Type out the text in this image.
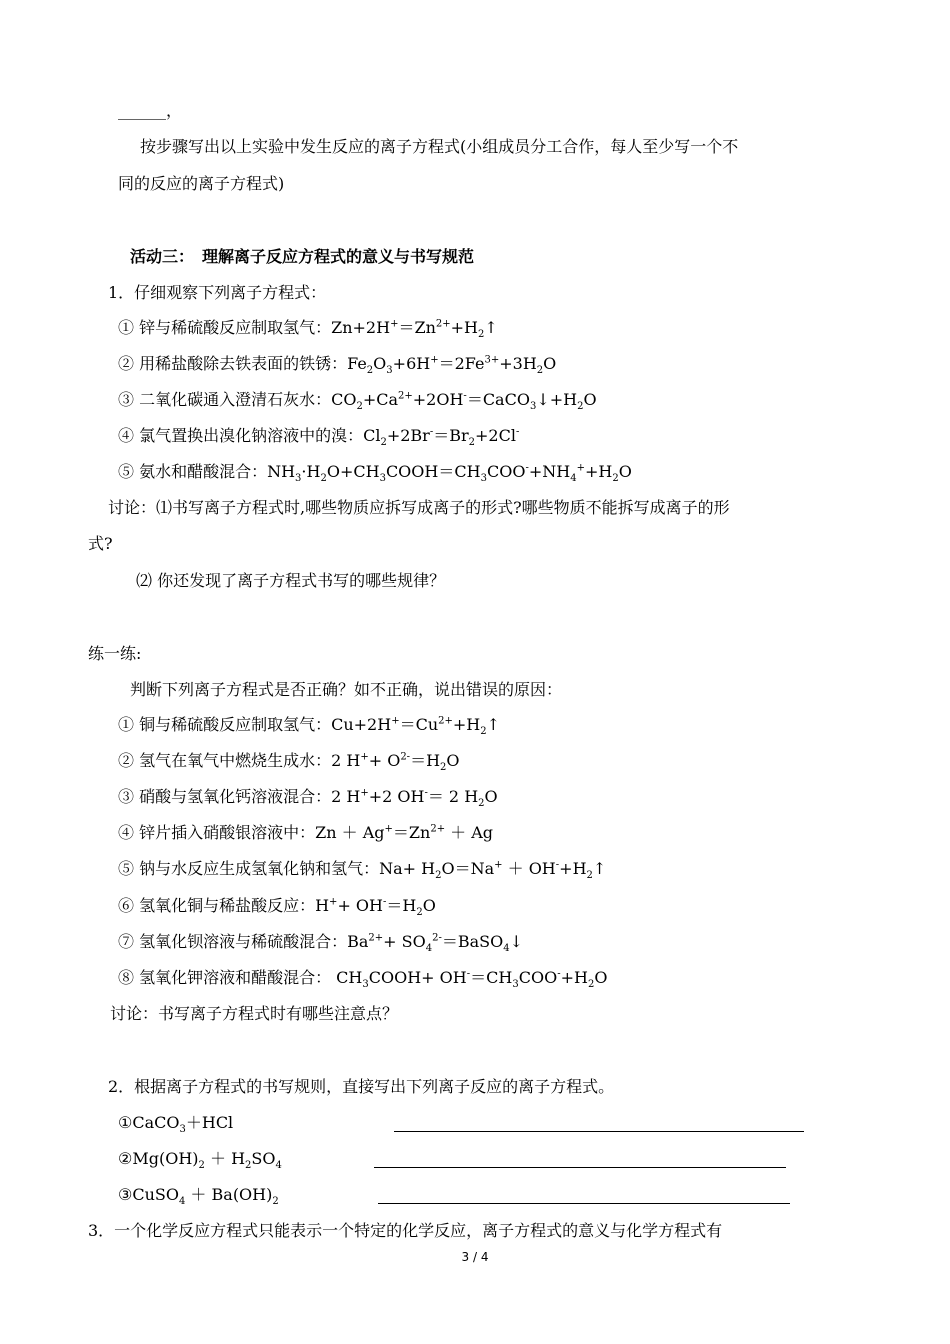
______，
按步骤写出以上实验中发生反应的离子方程式(小组成员分工合作，每人至少写一个不
同的反应的离子方程式)
活动三：　理解离子反应方程式的意义与书写规范
1．仔细观察下列离子方程式：
① 锌与稀硫酸反应制取氢气：$Zn+2H^+=Zn^{2+}+H_2↑$
② 用稀盐酸除去铁表面的铁锈：$Fe_2O_3+6H^+=2Fe^{3+}+3H_2O$
③ 二氧化碳通入澄清石灰水：$CO_2+Ca^{2+}+2OH^-=CaCO_3↓+H_2O$
④ 氯气置换出溴化钠溶液中的溴：$Cl_2+2Br^-=Br_2+2Cl^-$
⑤ 氨水和醋酸混合：$NH_3\cdot H_2O+CH_3COOH=CH_3COO^-+NH_4^++H_2O$
讨论：⑴书写离子方程式时,哪些物质应拆写成离子的形式?哪些物质不能拆写成离子的形
式?
⑵ 你还发现了离子方程式书写的哪些规律？
练一练:
判断下列离子方程式是否正确？如不正确，说出错误的原因：
① 铜与稀硫酸反应制取氢气：$Cu+2H^+=Cu^{2+}+H_2↑$
② 氢气在氧气中燃烧生成水：2 $H^++ O^{2-}=H_2O$
③ 硝酸与氢氧化钙溶液混合：2 H++2 OH-＝ 2 $H_2O$
④ 锌片插入硝酸银溶液中：$Zn + Ag^+=Zn^{2+} + Ag$
⑤ 钠与水反应生成氢氧化钠和氢气：$Na+ H_2O=Na^+$ ＋ $OH^-+H_2↑$
⑥ 氢氧化铜与稀盐酸反应：$H^++ OH^-=H_2O$
⑦ 氢氧化钡溶液与稀硫酸混合：$Ba^{2+}+$ $SO_4^{2-}=BaSO_4↓$
⑧ 氢氧化钾溶液和醋酸混合： $CH_3COOH+ OH^-=CH_3COO^-+H_2O$
讨论：书写离子方程式时有哪些注意点？
2．根据离子方程式的书写规则，直接写出下列离子反应的离子方程式。
①CaCO$_3$＋HCl
$②Mg(OH)_2 + H_2SO_4$
③CuSO$_4$ ＋ $Ba(OH)_2$
3．一个化学反应方程式只能表示一个特定的化学反应，离子方程式的意义与化学方程式有
3 / 4
